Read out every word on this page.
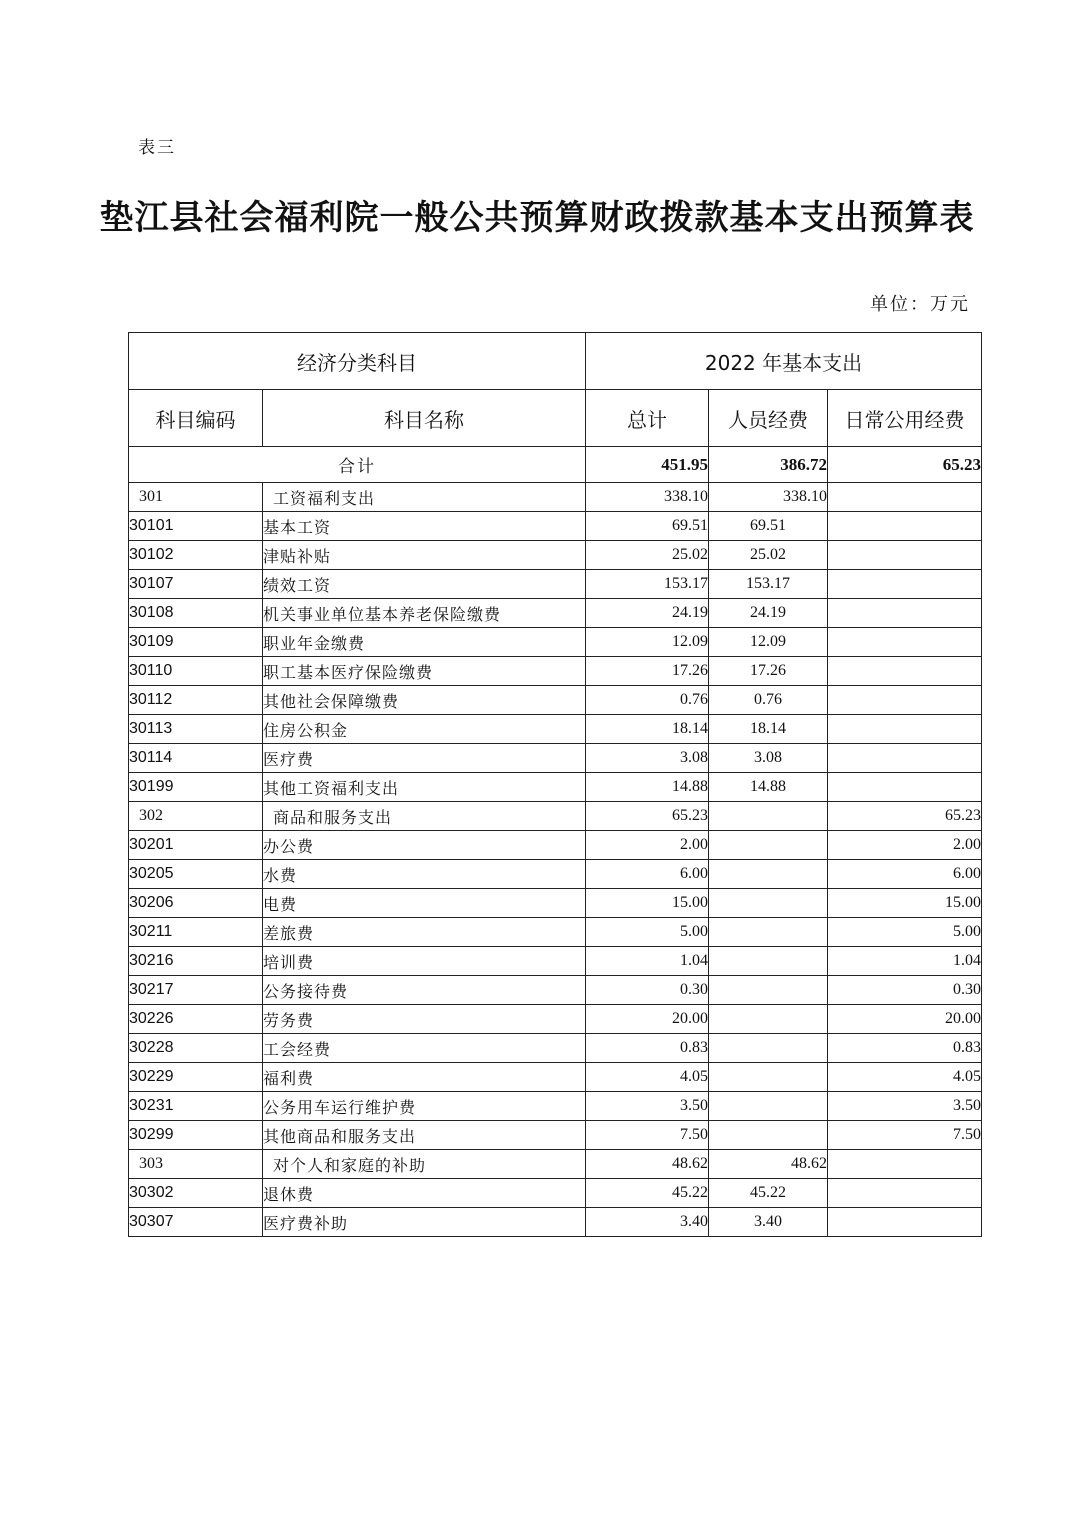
表三
垫江县社会福利院一般公共预算财政拨款基本支出预算表
单位：万元
经济分类科目		2022 年基本支出		
科目编码	科目名称	总计	人员经费	日常公用经费
合计		451.95	386.72	65.23
301	工资福利支出	338.10	338.10	
30101	基本工资	69.51	69.51	
30102	津贴补贴	25.02	25.02	
30107	绩效工资	153.17	153.17	
30108	机关事业单位基本养老保险缴费	24.19	24.19	
30109	职业年金缴费	12.09	12.09	
30110	职工基本医疗保险缴费	17.26	17.26	
30112	其他社会保障缴费	0.76	0.76	
30113	住房公积金	18.14	18.14	
30114	医疗费	3.08	3.08	
30199	其他工资福利支出	14.88	14.88	
302	商品和服务支出	65.23		65.23
30201	办公费	2.00		2.00
30205	水费	6.00		6.00
30206	电费	15.00		15.00
30211	差旅费	5.00		5.00
30216	培训费	1.04		1.04
30217	公务接待费	0.30		0.30
30226	劳务费	20.00		20.00
30228	工会经费	0.83		0.83
30229	福利费	4.05		4.05
30231	公务用车运行维护费	3.50		3.50
30299	其他商品和服务支出	7.50		7.50
303	对个人和家庭的补助	48.62	48.62	
30302	退休费	45.22	45.22	
30307	医疗费补助	3.40	3.40	
